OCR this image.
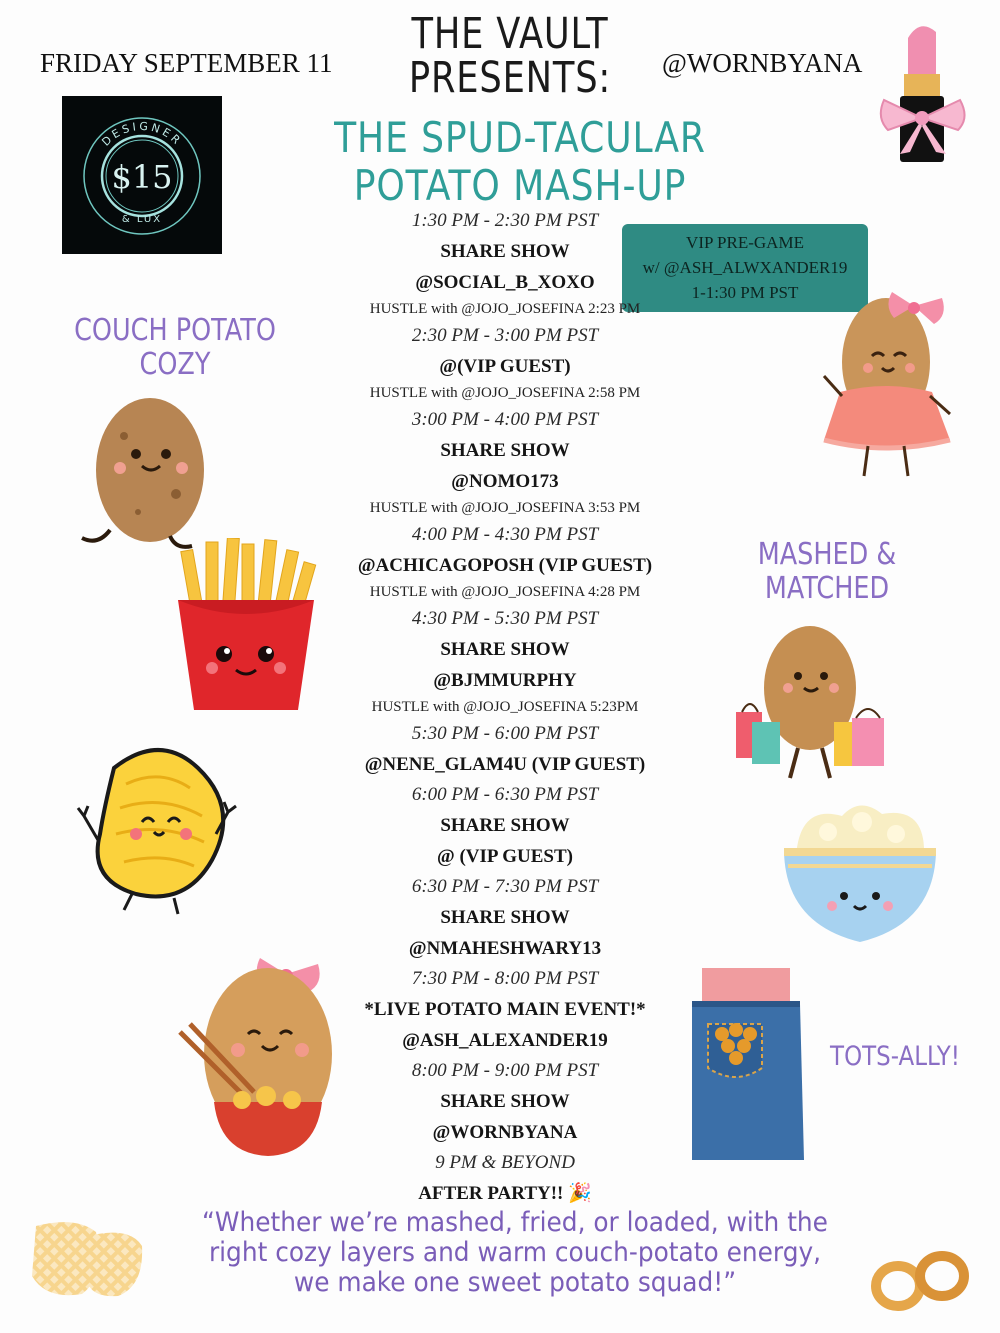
FRIDAY SEPTEMBER 11	@WORNBYANA
THE VAULT
PRESENTS:
THE SPUD-TACULAR
POTATO MASH-UP
DESIGNER
$15
& LUX
VIP PRE-GAME
w/ @ASH_ALWXANDER19
1-1:30 PM PST
COUCH POTATO
COZY
MASHED &
MATCHED
TOTS-ALLY!
1:30 PM - 2:30 PM PST
SHARE SHOW
@SOCIAL_B_XOXO
HUSTLE with @JOJO_JOSEFINA 2:23 PM
2:30 PM - 3:00 PM PST
@(VIP GUEST)
HUSTLE with @JOJO_JOSEFINA 2:58 PM
3:00 PM - 4:00 PM PST
SHARE SHOW
@NOMO173
HUSTLE with @JOJO_JOSEFINA 3:53 PM
4:00 PM - 4:30 PM PST
@ACHICAGOPOSH (VIP GUEST)
HUSTLE with @JOJO_JOSEFINA 4:28 PM
4:30 PM - 5:30 PM PST
SHARE SHOW
@BJMMURPHY
HUSTLE with @JOJO_JOSEFINA 5:23PM
5:30 PM - 6:00 PM PST
@NENE_GLAM4U (VIP GUEST)
6:00 PM - 6:30 PM PST
SHARE SHOW
@ (VIP GUEST)
6:30 PM - 7:30 PM PST
SHARE SHOW
@NMAHESHWARY13
7:30 PM - 8:00 PM PST
*LIVE POTATO MAIN EVENT!*
@ASH_ALEXANDER19
8:00 PM - 9:00 PM PST
SHARE SHOW
@WORNBYANA
9 PM & BEYOND
AFTER PARTY!! 🎉
“Whether we’re mashed, fried, or loaded, with the
right cozy layers and warm couch-potato energy,
we make one sweet potato squad!”
